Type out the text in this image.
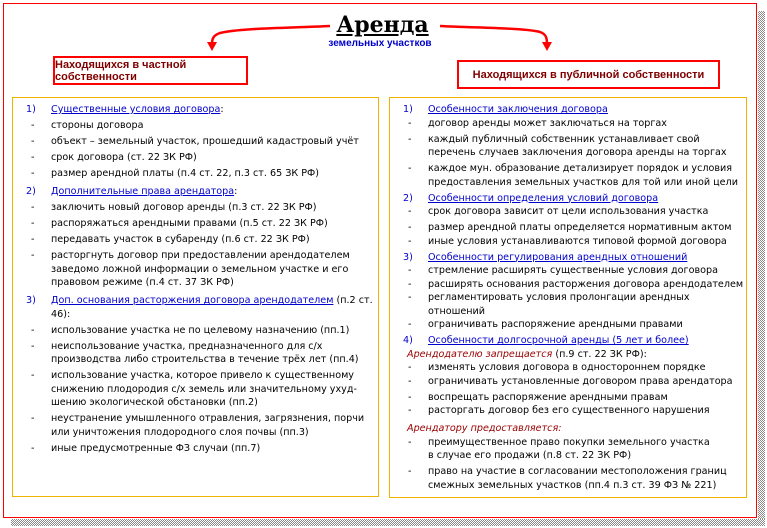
Аренда
земельных участков
Находящихся в частной собственности	Находящихся в публичной собственности
1)	Существенные условия договора:
-	стороны договора
-	объект – земельный участок, прошедший кадастровый учёт
-	срок договора (ст. 22 ЗК РФ)
-	размер арендной платы (п.4 ст. 22, п.3 ст. 65 ЗК РФ)
2)	Дополнительные права арендатора:
-	заключить новый договор аренды (п.3 ст. 22 ЗК РФ)
-	распоряжаться арендными правами (п.5 ст. 22 ЗК РФ)
-	передавать участок в субаренду (п.6 ст. 22 ЗК РФ)
-	расторгнуть договор при предоставлении арендодателем
заведомо ложной информации о земельном участке и его
правовом режиме (п.4 ст. 37 ЗК РФ)
3)	Доп. основания расторжения договора арендодателем (п.2 ст. 46):
-	использование участка не по целевому назначению (пп.1)
-	неиспользование участка, предназначенного для с/х
производства либо строительства в течение трёх лет (пп.4)
-	использование участка, которое привело к существенному
снижению плодородия с/х земель или значительному ухуд-
шению экологической обстановки (пп.2)
-	неустранение умышленного отравления, загрязнения, порчи
или уничтожения плодородного слоя почвы (пп.3)
-	иные предусмотренные ФЗ случаи (пп.7)
1)	Особенности заключения договора
-	договор аренды может заключаться на торгах
-	каждый публичный собственник устанавливает свой
перечень случаев заключения договора аренды на торгах
-	каждое мун. образование детализирует порядок и условия
предоставления земельных участков для той или иной цели
2)	Особенности определения условий договора
-	срок договора зависит от цели использования участка
-	размер арендной платы определяется нормативным актом
-	иные условия устанавливаются типовой формой договора
3)	Особенности регулирования арендных отношений
-	стремление расширять существенные условия договора
-	расширять основания расторжения договора арендодателем
-	регламентировать условия пролонгации арендных отношений
-	ограничивать распоряжение арендными правами
4)	Особенности долгосрочной аренды (5 лет и более)
Арендодателю запрещается (п.9 ст. 22 ЗК РФ):
-	изменять условия договора в одностороннем порядке
-	ограничивать установленные договором права арендатора
-	воспрещать распоряжение арендными правам
-	расторгать договор без его существенного нарушения
Арендатору предоставляется:
-	преимущественное право покупки земельного участка
в случае его продажи (п.8 ст. 22 ЗК РФ)
-	право на участие в согласовании местоположения границ
смежных земельных участков (пп.4 п.3 ст. 39 ФЗ № 221)
